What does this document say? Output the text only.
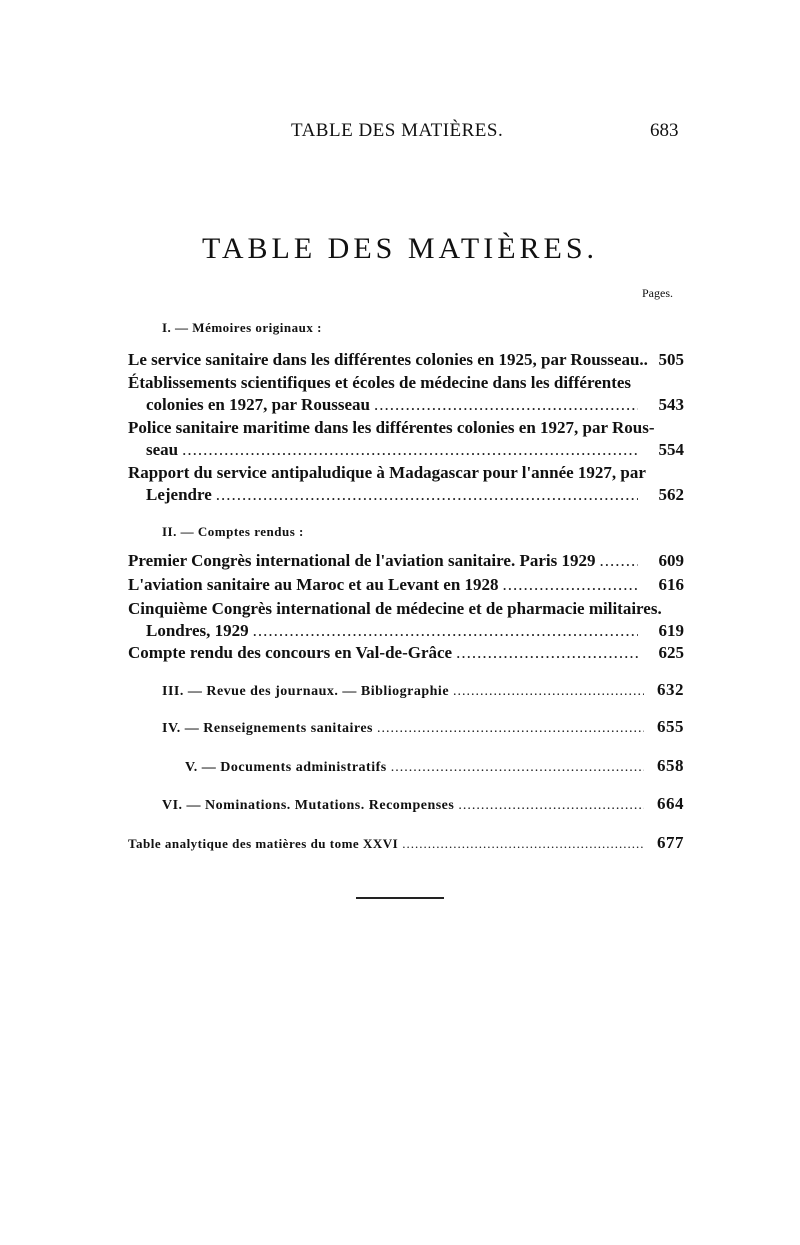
TABLE DES MATIÈRES.	683
TABLE DES MATIÈRES.
Pages.
I. — Mémoires originaux :
Le service sanitaire dans les différentes colonies en 1925, par Rousseau.. 505
Établissements scientifiques et écoles de médecine dans les différentes
colonies en 1927, par Rousseau .....	543
Police sanitaire maritime dans les différentes colonies en 1927, par Rous-
seau .....	554
Rapport du service antipaludique à Madagascar pour l'année 1927, par
Lejendre .....	562
II. — Comptes rendus :
Premier Congrès international de l'aviation sanitaire. Paris 1929 .....	609
L'aviation sanitaire au Maroc et au Levant en 1928 .....	616
Cinquième Congrès international de médecine et de pharmacie militaires.
Londres, 1929 .....	619
Compte rendu des concours en Val-de-Grâce .....	625
III. — Revue des journaux. — Bibliographie .....	632
IV. — Renseignements sanitaires .....	655
V. — Documents administratifs .....	658
VI. — Nominations. Mutations. Recompenses .....	664
Table analytique des matières du tome XXVI .....	677
